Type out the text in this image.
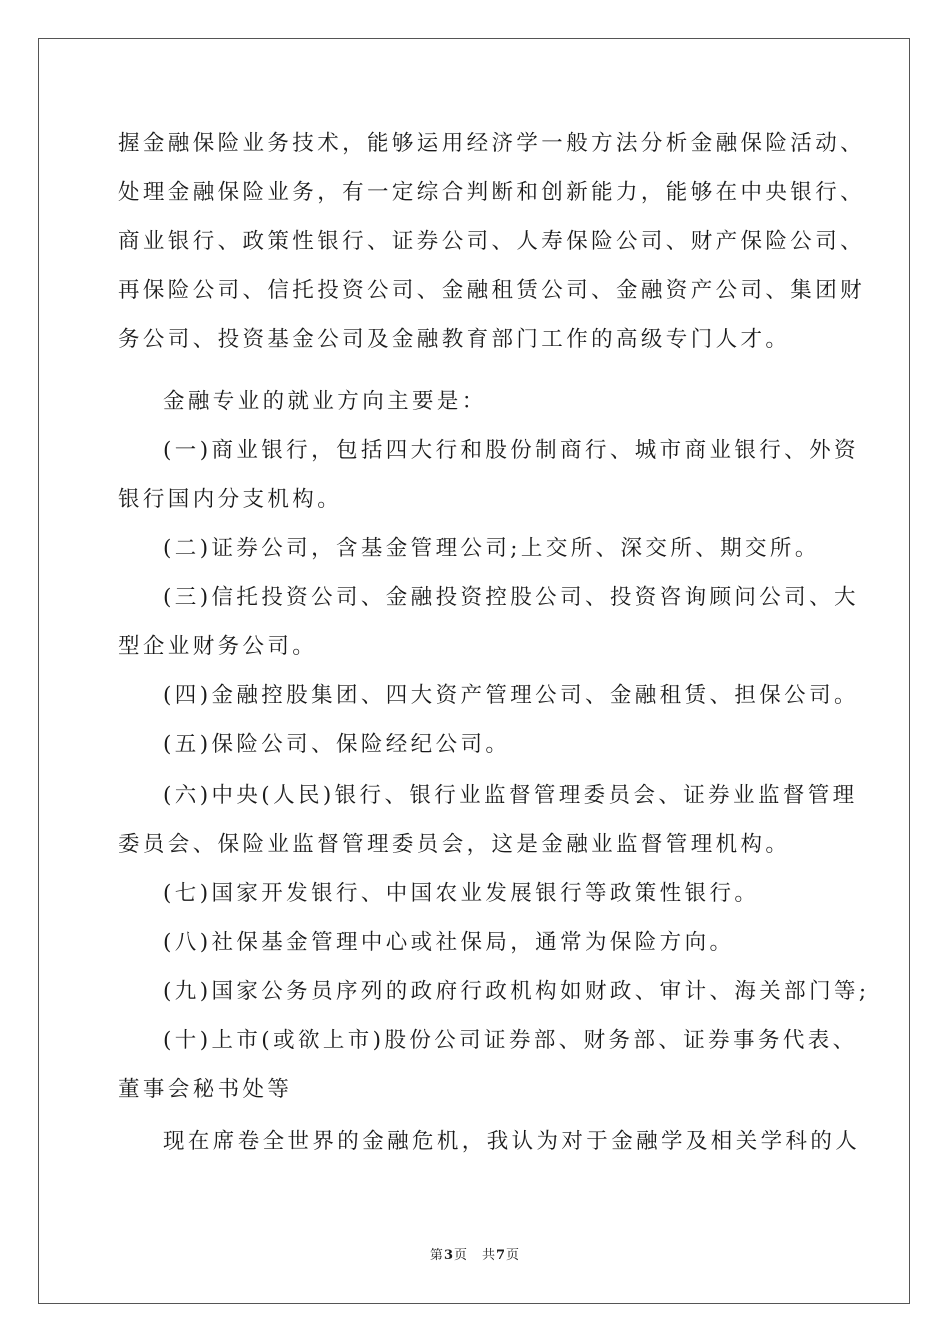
握金融保险业务技术，能够运用经济学一般方法分析金融保险活动、
处理金融保险业务，有一定综合判断和创新能力，能够在中央银行、
商业银行、政策性银行、证券公司、人寿保险公司、财产保险公司、
再保险公司、信托投资公司、金融租赁公司、金融资产公司、集团财
务公司、投资基金公司及金融教育部门工作的高级专门人才。
金融专业的就业方向主要是：
(一)商业银行，包括四大行和股份制商行、城市商业银行、外资
银行国内分支机构。
(二)证券公司，含基金管理公司;上交所、深交所、期交所。
(三)信托投资公司、金融投资控股公司、投资咨询顾问公司、大
型企业财务公司。
(四)金融控股集团、四大资产管理公司、金融租赁、担保公司。
(五)保险公司、保险经纪公司。
(六)中央(人民)银行、银行业监督管理委员会、证券业监督管理
委员会、保险业监督管理委员会，这是金融业监督管理机构。
(七)国家开发银行、中国农业发展银行等政策性银行。
(八)社保基金管理中心或社保局，通常为保险方向。
(九)国家公务员序列的政府行政机构如财政、审计、海关部门等;
(十)上市(或欲上市)股份公司证券部、财务部、证券事务代表、
董事会秘书处等
现在席卷全世界的金融危机，我认为对于金融学及相关学科的人
第3页　共7页
